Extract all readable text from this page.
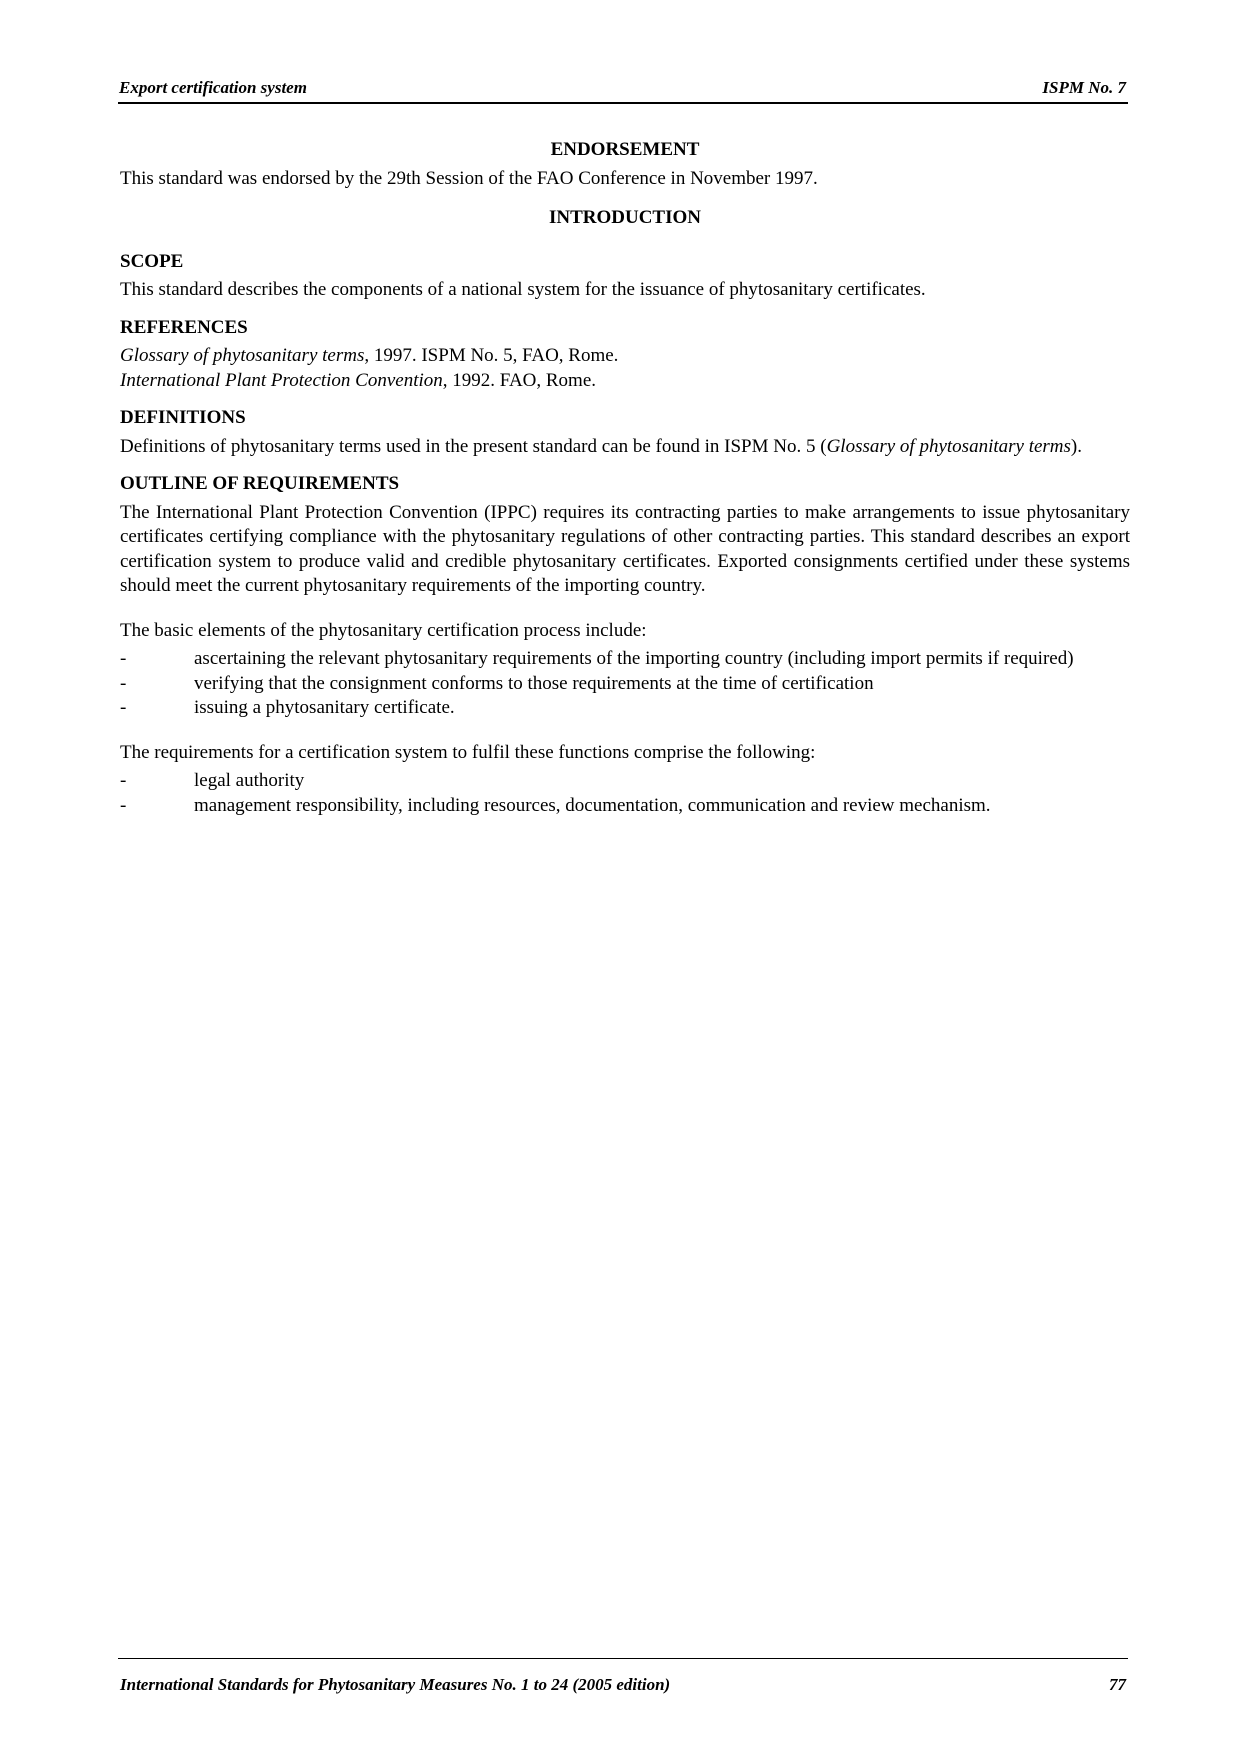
Export certification system	ISPM No. 7
ENDORSEMENT

This standard was endorsed by the 29th Session of the FAO Conference in November 1997.

INTRODUCTION
SCOPE

This standard describes the components of a national system for the issuance of phytosanitary certificates.

REFERENCES

Glossary of phytosanitary terms, 1997. ISPM No. 5, FAO, Rome.

International Plant Protection Convention, 1992. FAO, Rome.

DEFINITIONS

Definitions of phytosanitary terms used in the present standard can be found in ISPM No. 5 (Glossary of phytosanitary terms).

OUTLINE OF REQUIREMENTS

The International Plant Protection Convention (IPPC) requires its contracting parties to make arrangements to issue phytosanitary certificates certifying compliance with the phytosanitary regulations of other contracting parties. This standard describes an export certification system to produce valid and credible phytosanitary certificates. Exported consignments certified under these systems should meet the current phytosanitary requirements of the importing country.

The basic elements of the phytosanitary certification process include:

-	ascertaining the relevant phytosanitary requirements of the importing country (including import permits if required)
-	verifying that the consignment conforms to those requirements at the time of certification
-	issuing a phytosanitary certificate.

The requirements for a certification system to fulfil these functions comprise the following:

-	legal authority
-	management responsibility, including resources, documentation, communication and review mechanism.
International Standards for Phytosanitary Measures No. 1 to 24 (2005 edition)	77
